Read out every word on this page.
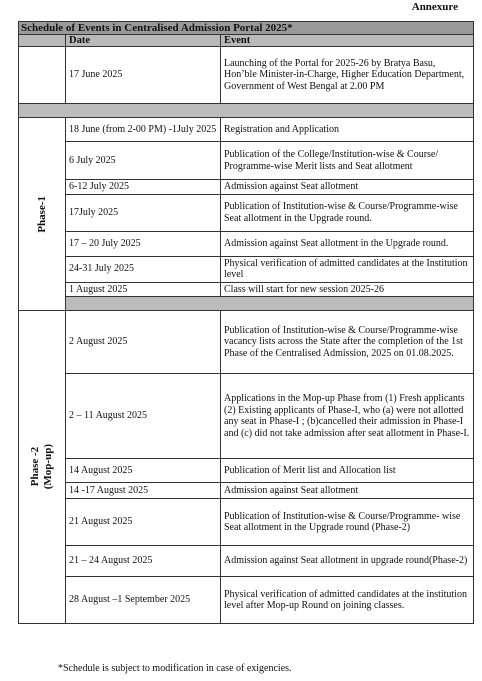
Annexure
Schedule of Events in Centralised Admission Portal 2025*		
	Date	Event
	17 June 2025	Launching of the Portal for 2025-26 by Bratya Basu, Hon’ble Minister-in-Charge, Higher Education Department, Government of West Bengal at 2.00 PM

Phase-1	18 June (from 2-00 PM) -1July 2025	Registration and Application
	6 July 2025	Publication of the College/Institution-wise & Course/ Programme-wise Merit lists and Seat allotment
	6-12 July 2025	Admission against Seat allotment
	17July 2025	Publication of Institution-wise & Course/Programme-wise Seat allotment in the Upgrade round.
	17 – 20 July 2025	Admission against Seat allotment in the Upgrade round.
	24-31 July 2025	Physical verification of admitted candidates at the Institution level
	1 August 2025	Class will start for new session 2025-26

Phase -2
(Mop-up)	2 August 2025	Publication of Institution-wise & Course/Programme-wise vacancy lists across the State after the completion of the 1st Phase of the Centralised Admission, 2025 on 01.08.2025.
	2 – 11 August 2025	Applications in the Mop-up Phase from (1) Fresh applicants (2) Existing applicants of Phase-I, who (a) were not allotted any seat in Phase-I ; (b)cancelled their admission in Phase-I and (c) did not take admission after seat allotment in Phase-I.
	14 August 2025	Publication of Merit list and Allocation list
	14 -17 August 2025	Admission against Seat allotment
	21 August 2025	Publication of Institution-wise & Course/Programme- wise Seat allotment in the Upgrade round (Phase-2)
	21 – 24 August 2025	Admission against Seat allotment in upgrade round(Phase-2)
	28 August –1 September 2025	Physical verification of admitted candidates at the institution level after Mop-up Round on joining classes.
*Schedule is subject to modification in case of exigencies.
